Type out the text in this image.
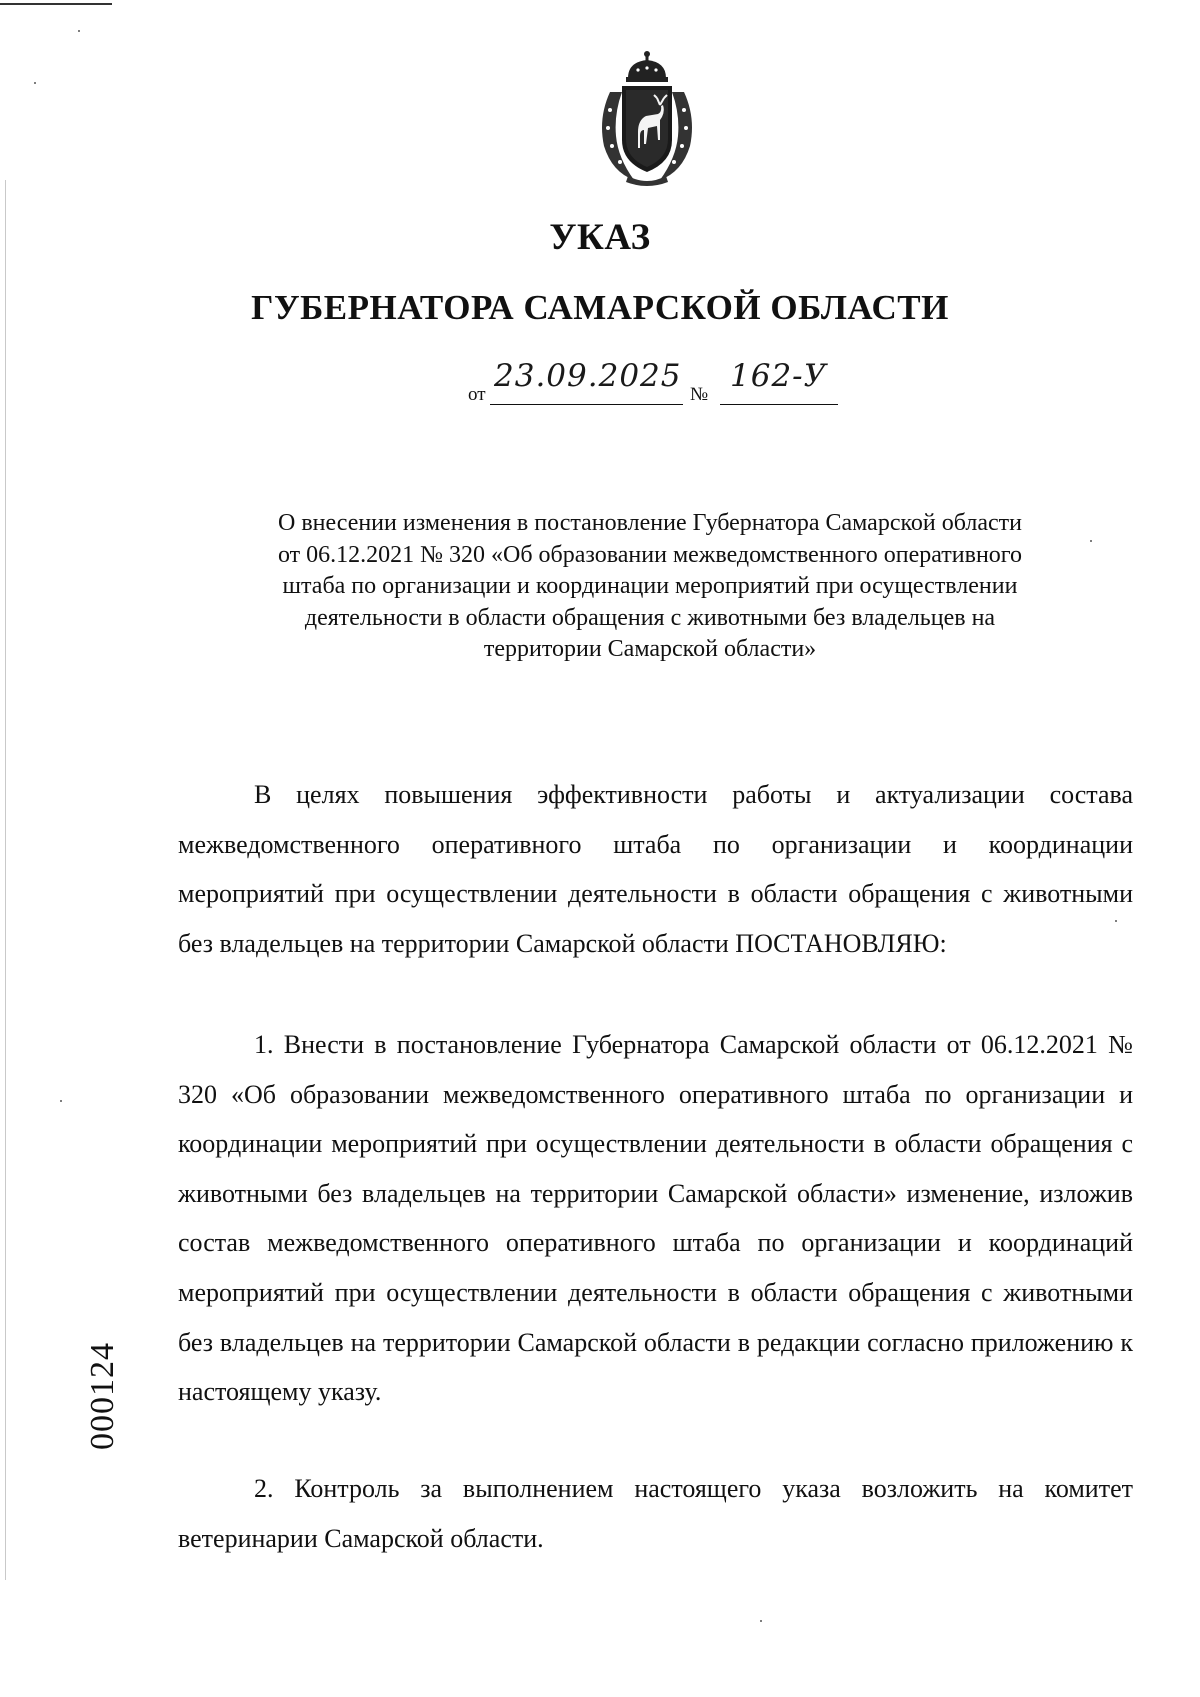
УКАЗ
ГУБЕРНАТОРА САМАРСКОЙ ОБЛАСТИ
от
23.09.2025
№
162-У
О внесении изменения в постановление Губернатора Самарской области
от 06.12.2021 № 320 «Об образовании межведомственного оперативного
штаба по организации и координации мероприятий при осуществлении
деятельности в области обращения с животными без владельцев на
территории Самарской области»
В целях повышения эффективности работы и актуализации состава межведомственного оперативного штаба по организации и координации мероприятий при осуществлении деятельности в области обращения с животными без владельцев на территории Самарской области ПОСТАНОВЛЯЮ:
1. Внести в постановление Губернатора Самарской области от 06.12.2021 № 320 «Об образовании межведомственного оперативного штаба по организации и координации мероприятий при осуществлении деятельности в области обращения с животными без владельцев на территории Самарской области» изменение, изложив состав межведомственного оперативного штаба по организации и координаций мероприятий при осуществлении деятельности в области обращения с животными без владельцев на территории Самарской области в редакции согласно приложению к настоящему указу.
2. Контроль за выполнением настоящего указа возложить на комитет ветеринарии Самарской области.
000124
